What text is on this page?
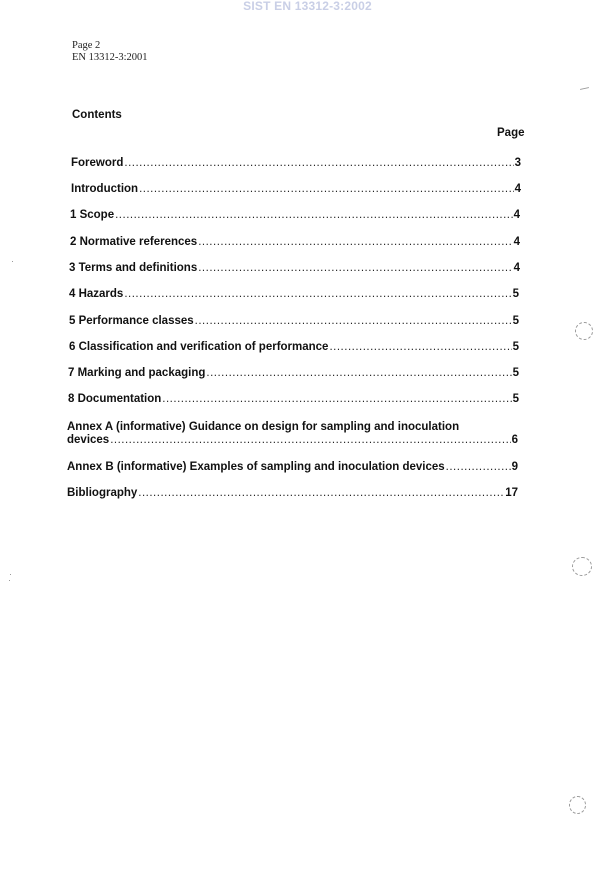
SIST EN 13312-3:2002
Page 2
EN 13312-3:2001
Contents
Page
Foreword .....	3
Introduction .....	4
1 Scope .....	4
2 Normative references .....	4
3 Terms and definitions .....	4
4 Hazards .....	5
5 Performance classes .....	5
6 Classification and verification of performance .....	5
7 Marking and packaging .....	5
8 Documentation .....	5
Annex A (informative) Guidance on design for sampling and inoculation
devices .....	6
Annex B (informative) Examples of sampling and inoculation devices .....	9
Bibliography .....	17
